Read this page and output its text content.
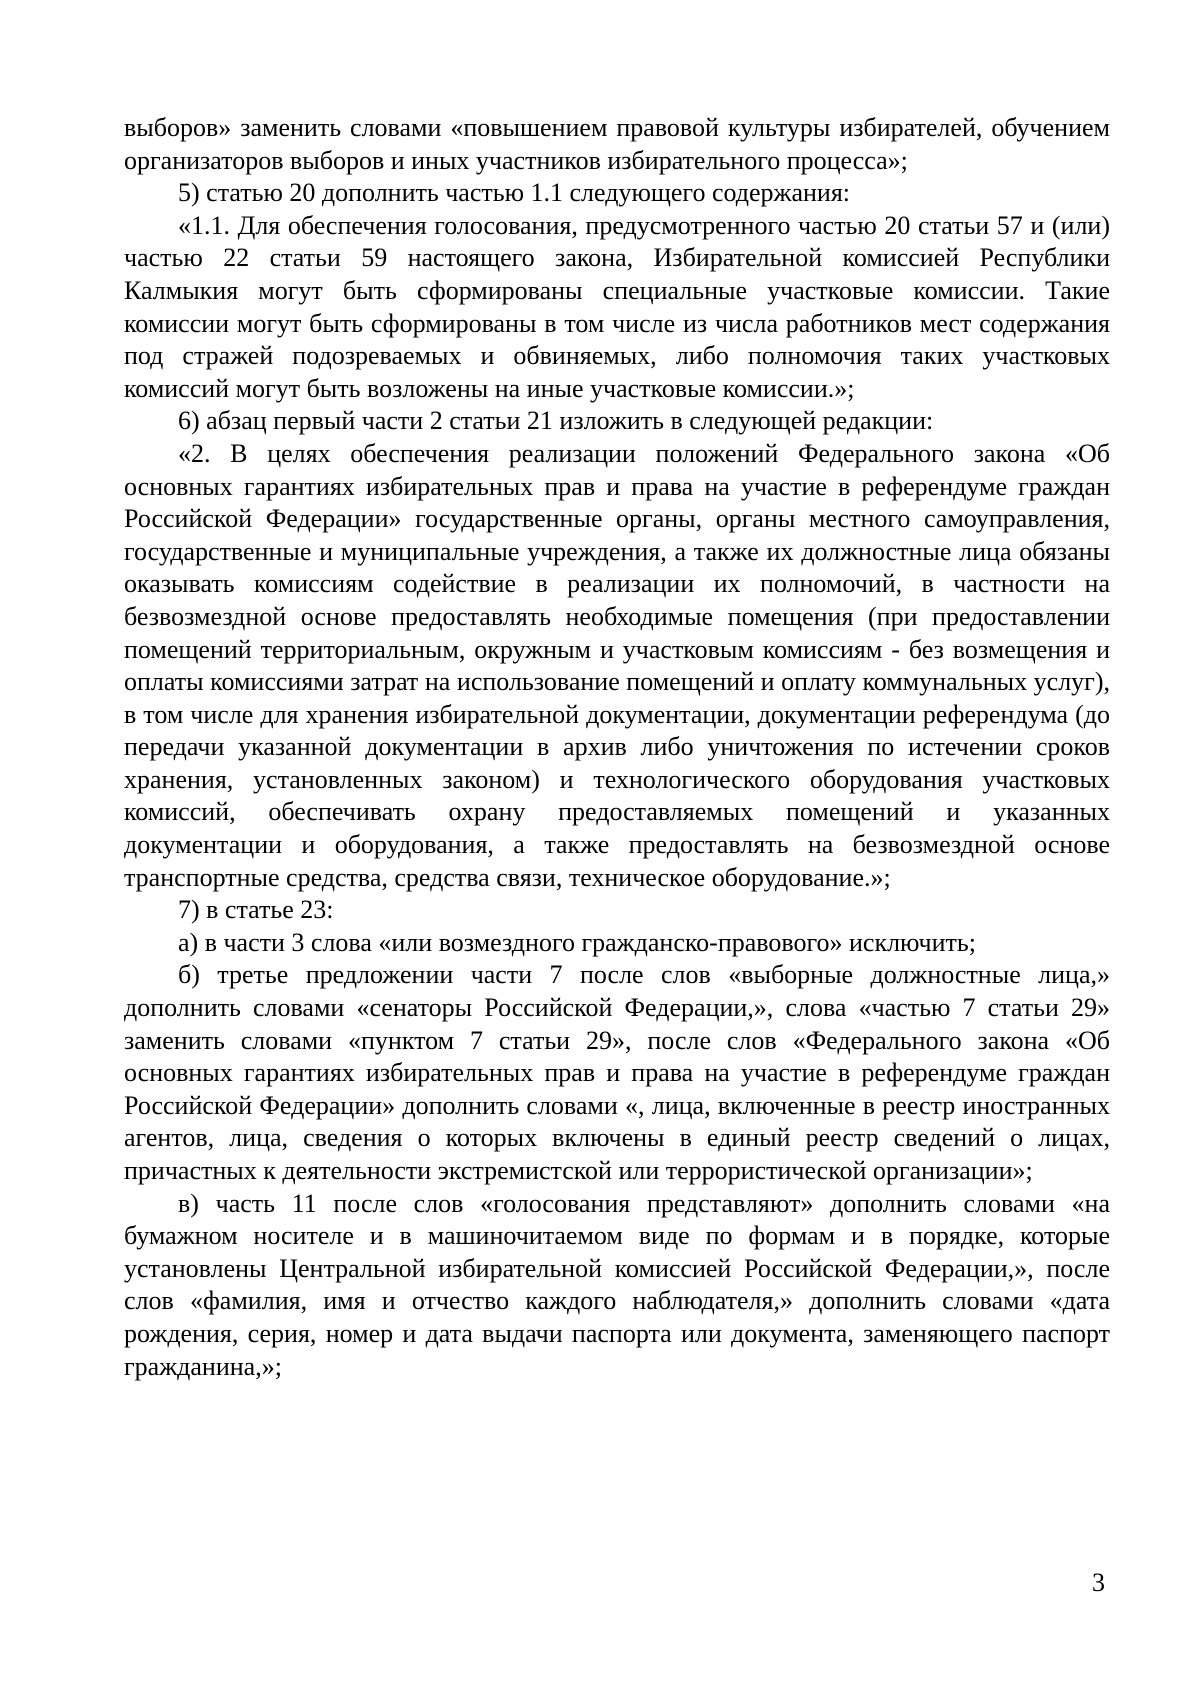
выборов» заменить словами «повышением правовой культуры избирателей, обучением организаторов выборов и иных участников избирательного процесса»;

5) статью 20 дополнить частью 1.1 следующего содержания:

«1.1. Для обеспечения голосования, предусмотренного частью 20 статьи 57 и (или) частью 22 статьи 59 настоящего закона, Избирательной комиссией Республики Калмыкия могут быть сформированы специальные участковые комиссии. Такие комиссии могут быть сформированы в том числе из числа работников мест содержания под стражей подозреваемых и обвиняемых, либо полномочия таких участковых комиссий могут быть возложены на иные участковые комиссии.»;

6) абзац первый части 2 статьи 21 изложить в следующей редакции:

«2. В целях обеспечения реализации положений Федерального закона «Об основных гарантиях избирательных прав и права на участие в референдуме граждан Российской Федерации» государственные органы, органы местного самоуправления, государственные и муниципальные учреждения, а также их должностные лица обязаны оказывать комиссиям содействие в реализации их полномочий, в частности на безвозмездной основе предоставлять необходимые помещения (при предоставлении помещений территориальным, окружным и участковым комиссиям - без возмещения и оплаты комиссиями затрат на использование помещений и оплату коммунальных услуг), в том числе для хранения избирательной документации, документации референдума (до передачи указанной документации в архив либо уничтожения по истечении сроков хранения, установленных законом) и технологического оборудования участковых комиссий, обеспечивать охрану предоставляемых помещений и указанных документации и оборудования, а также предоставлять на безвозмездной основе транспортные средства, средства связи, техническое оборудование.»;

7) в статье 23:

а) в части 3 слова «или возмездного гражданско-правового» исключить;

б) третье предложении части 7 после слов «выборные должностные лица,» дополнить словами «сенаторы Российской Федерации,», слова «частью 7 статьи 29» заменить словами «пунктом 7 статьи 29», после слов «Федерального закона «Об основных гарантиях избирательных прав и права на участие в референдуме граждан Российской Федерации» дополнить словами «, лица, включенные в реестр иностранных агентов, лица, сведения о которых включены в единый реестр сведений о лицах, причастных к деятельности экстремистской или террористической организации»;

в) часть 11 после слов «голосования представляют» дополнить словами «на бумажном носителе и в машиночитаемом виде по формам и в порядке, которые установлены Центральной избирательной комиссией Российской Федерации,», после слов «фамилия, имя и отчество каждого наблюдателя,» дополнить словами «дата рождения, серия, номер и дата выдачи паспорта или документа, заменяющего паспорт гражданина,»;

3
